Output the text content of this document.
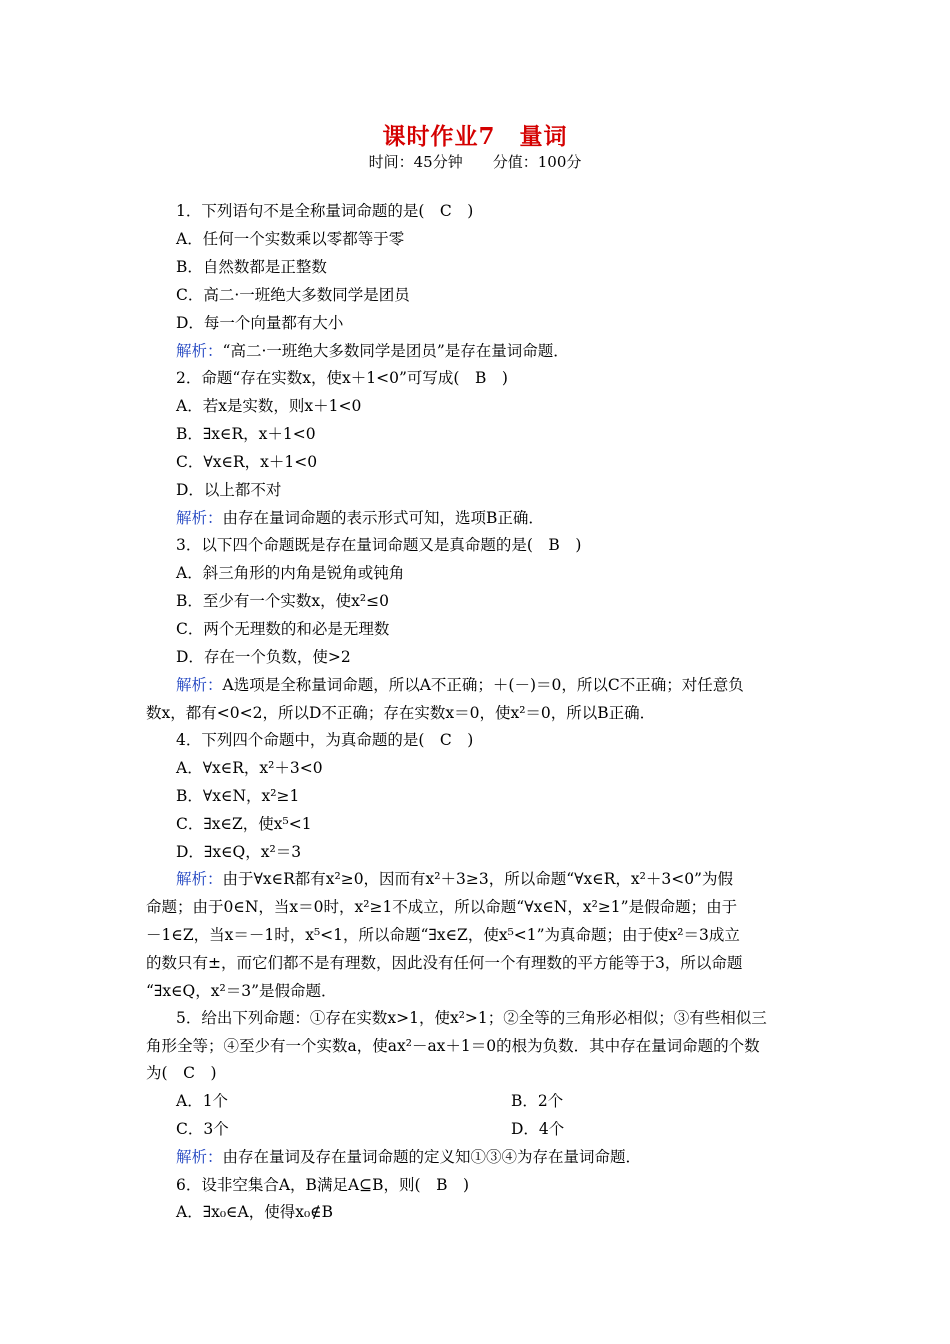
课时作业7　量词
时间：45分钟　　分值：100分
1．下列语句不是全称量词命题的是(　C　)
A．任何一个实数乘以零都等于零
B．自然数都是正整数
C．高二·一班绝大多数同学是团员
D．每一个向量都有大小
解析：“高二·一班绝大多数同学是团员”是存在量词命题．
2．命题“存在实数x，使x＋1<0”可写成(　B　)
A．若x是实数，则x＋1<0
B．∃x∈R，x＋1<0
C．∀x∈R，x＋1<0
D．以上都不对
解析：由存在量词命题的表示形式可知，选项B正确．
3．以下四个命题既是存在量词命题又是真命题的是(　B　)
A．斜三角形的内角是锐角或钝角
B．至少有一个实数x，使x²≤0
C．两个无理数的和必是无理数
D．存在一个负数，使>2
解析：A选项是全称量词命题，所以A不正确；＋(－)＝0，所以C不正确；对任意负
数x，都有<0<2，所以D不正确；存在实数x＝0，使x²＝0，所以B正确．
4．下列四个命题中，为真命题的是(　C　)
A．∀x∈R，x²＋3<0
B．∀x∈N，x²≥1
C．∃x∈Z，使x⁵<1
D．∃x∈Q，x²＝3
解析：由于∀x∈R都有x²≥0，因而有x²＋3≥3，所以命题“∀x∈R，x²＋3<0”为假
命题；由于0∈N，当x＝0时，x²≥1不成立，所以命题“∀x∈N，x²≥1”是假命题；由于
－1∈Z，当x＝－1时，x⁵<1，所以命题“∃x∈Z，使x⁵<1”为真命题；由于使x²＝3成立
的数只有±，而它们都不是有理数，因此没有任何一个有理数的平方能等于3，所以命题
“∃x∈Q，x²＝3”是假命题．
5．给出下列命题：①存在实数x>1，使x²>1；②全等的三角形必相似；③有些相似三
角形全等；④至少有一个实数a，使ax²－ax＋1＝0的根为负数．其中存在量词命题的个数
为(　C　)
A．1个	B．2个
C．3个	D．4个
解析：由存在量词及存在量词命题的定义知①③④为存在量词命题．
6．设非空集合A，B满足A⊆B，则(　B　)
A．∃x₀∈A，使得x₀∉B
